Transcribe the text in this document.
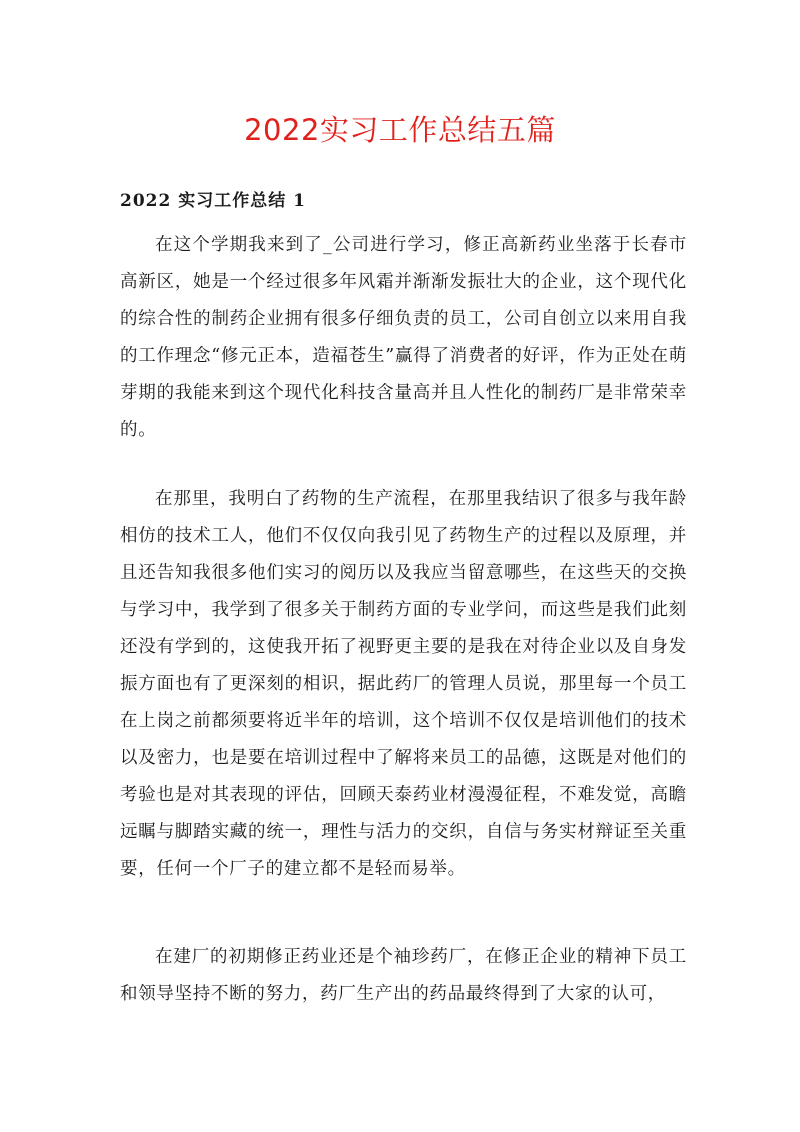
2022实习工作总结五篇
2022 实习工作总结 1

在这个学期我来到了_公司进行学习，修正高新药业坐落于长春市高新区，她是一个经过很多年风霜并渐渐发振壮大的企业，这个现代化的综合性的制药企业拥有很多仔细负责的员工，公司自创立以来用自我的工作理念“修元正本，造福苍生”赢得了消费者的好评，作为正处在萌芽期的我能来到这个现代化科技含量高并且人性化的制药厂是非常荣幸的。

在那里，我明白了药物的生产流程，在那里我结识了很多与我年龄相仿的技术工人，他们不仅仅向我引见了药物生产的过程以及原理，并且还告知我很多他们实习的阅历以及我应当留意哪些，在这些天的交换与学习中，我学到了很多关于制药方面的专业学问，而这些是我们此刻还没有学到的，这使我开拓了视野更主要的是我在对待企业以及自身发振方面也有了更深刻的相识，据此药厂的管理人员说，那里每一个员工在上岗之前都须要将近半年的培训，这个培训不仅仅是培训他们的技术以及密力，也是要在培训过程中了解将来员工的品德，这既是对他们的考验也是对其表现的评估，回顾天泰药业材漫漫征程，不难发觉，高瞻远瞩与脚踏实藏的统一，理性与活力的交织，自信与务实材辩证至关重要，任何一个厂子的建立都不是轻而易举。

在建厂的初期修正药业还是个袖珍药厂，在修正企业的精神下员工和领导坚持不断的努力，药厂生产出的药品最终得到了大家的认可，
